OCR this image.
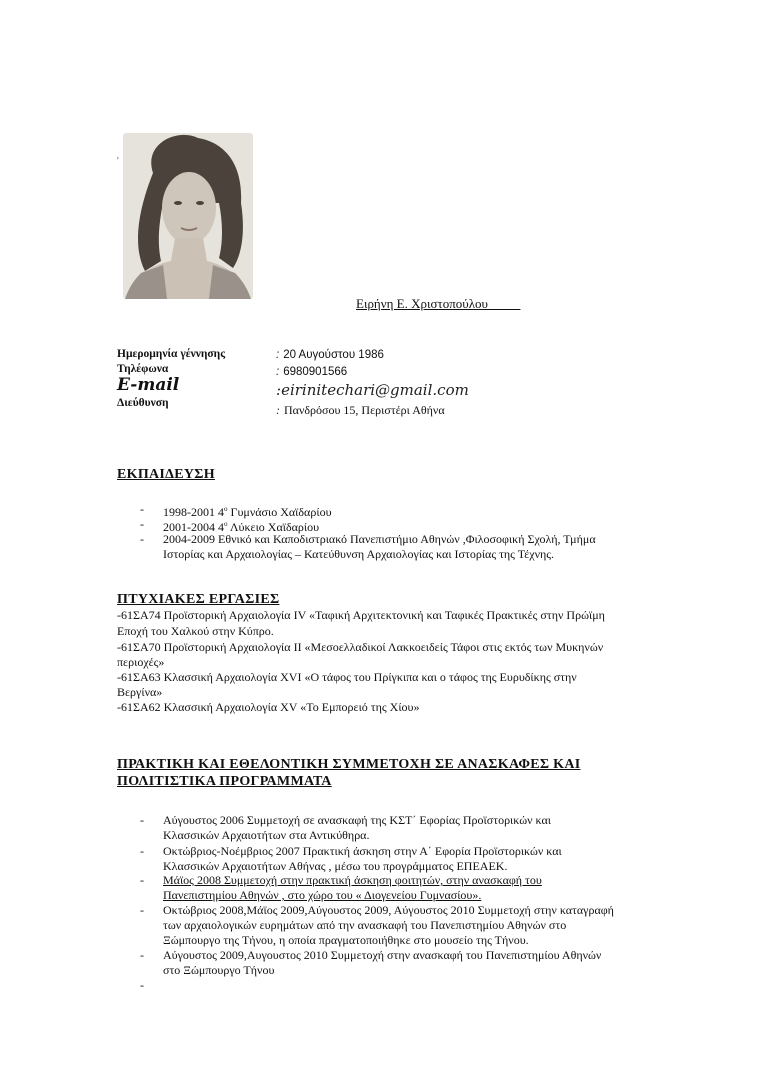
'
Ειρήνη Ε. Χριστοπούλου
Ημερομηνία γέννησης
Τηλέφωνα
E-mail
Διεύθυνση
: 20 Αυγούστου 1986
: 6980901566
:eirinitechari@gmail.com
: Πανδρόσου 15, Περιστέρι Αθήνα
ΕΚΠΑΙΔΕΥΣΗ
- 1998-2001 $4^o$ Γυμνάσιο Χαϊδαρίου
- 2001-2004 $4^o$ Λύκειο Χαϊδαρίου
- 2004-2009 Εθνικό και Καποδιστριακό Πανεπιστήμιο Αθηνών ,Φιλοσοφική Σχολή, Τμήμα
Ιστορίας και Αρχαιολογίας – Κατεύθυνση Αρχαιολογίας και Ιστορίας της Τέχνης.
ΠΤΥΧΙΑΚΕΣ ΕΡΓΑΣΙΕΣ
-61ΣΑ74 Προϊστορική Αρχαιολογία IV «Ταφική Αρχιτεκτονική και Ταφικές Πρακτικές στην Πρώϊμη
Εποχή του Χαλκού στην Κύπρο.
-61ΣΑ70 Προϊστορική Αρχαιολογία ΙΙ «Μεσοελλαδικοί Λακκοειδείς Τάφοι στις εκτός των Μυκηνών
περιοχές»
-61ΣΑ63 Κλασσική Αρχαιολογία XVI «Ο τάφος του Πρίγκιπα και ο τάφος της Ευρυδίκης στην
Βεργίνα»
-61ΣΑ62 Κλασσική Αρχαιολογία XV «Το Εμπορειό της Χίου»
ΠΡΑΚΤΙΚΗ ΚΑΙ ΕΘΕΛΟΝΤΙΚΗ ΣΥΜΜΕΤΟΧΗ ΣΕ ΑΝΑΣΚΑΦΕΣ ΚΑΙ
ΠΟΛΙΤΙΣΤΙΚΑ ΠΡΟΓΡΑΜΜΑΤΑ
- Αύγουστος 2006 Συμμετοχή σε ανασκαφή της ΚΣΤ΄ Εφορίας Προϊστορικών και
Κλασσικών Αρχαιοτήτων στα Αντικύθηρα.
- Οκτώβριος-Νοέμβριος 2007 Πρακτική άσκηση στην Α΄ Εφορία Προϊστορικών και
Κλασσικών Αρχαιοτήτων Αθήνας , μέσω του προγράμματος ΕΠΕΑΕΚ.
- Μάϊος 2008 Συμμετοχή στην πρακτική άσκηση φοιτητών, στην ανασκαφή του
Πανεπιστημίου Αθηνών , στο χώρο του « Διογενείου Γυμνασίου».
- Οκτώβριος 2008,Μάϊος 2009,Αύγουστος 2009, Αύγουστος 2010 Συμμετοχή στην καταγραφή
των αρχαιολογικών ευρημάτων από την ανασκαφή του Πανεπιστημίου Αθηνών στο
Ξώμπουργο της Τήνου, η οποία πραγματοποιήθηκε στο μουσείο της Τήνου.
- Αύγουστος 2009,Αυγουστος 2010 Συμμετοχή στην ανασκαφή του Πανεπιστημίου Αθηνών
στο Ξώμπουργο Τήνου
-
